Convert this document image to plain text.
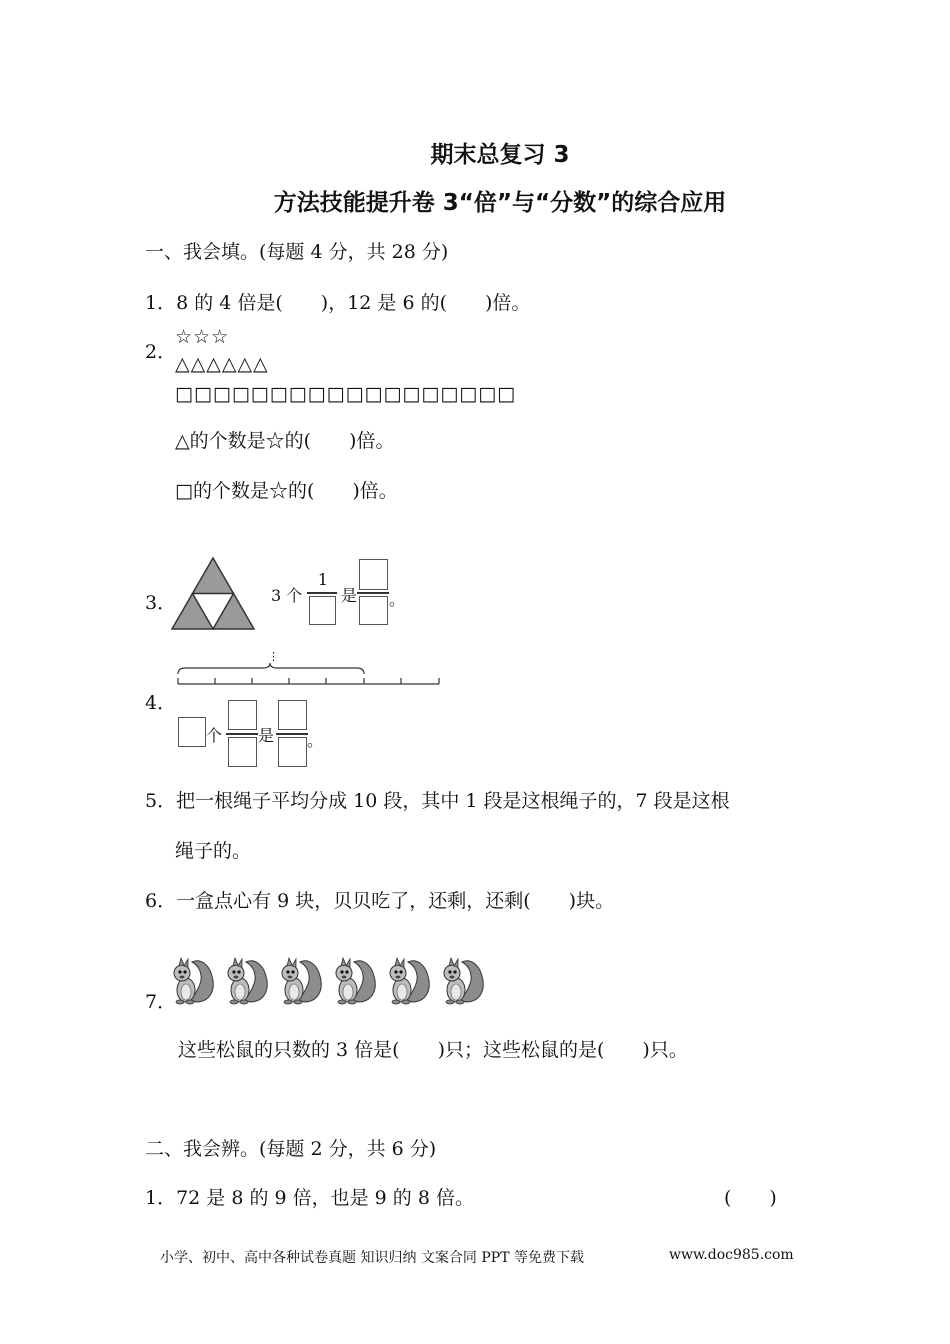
期末总复习 3
方法技能提升卷 3“倍”与“分数”的综合应用
一、我会填。(每题 4 分，共 28 分)
1．8 的 4 倍是(　　)，12 是 6 的(　　)倍。
2．
☆☆☆
△△△△△△
□□□□□□□□□□□□□□□□□□
△的个数是☆的(　　)倍。
□的个数是☆的(　　)倍。
3．	3 个
1
是 。
4．
⋮
个 是 。
5．把一根绳子平均分成 10 段，其中 1 段是这根绳子的，7 段是这根
绳子的。
6．一盒点心有 9 块，贝贝吃了，还剩，还剩(　　)块。
7．
这些松鼠的只数的 3 倍是(　　)只；这些松鼠的是(　　)只。
二、我会辨。(每题 2 分，共 6 分)
1．72 是 8 的 9 倍，也是 9 的 8 倍。	(　　)
小学、初中、高中各种试卷真题 知识归纳 文案合同 PPT 等免费下载	www.doc985.com
